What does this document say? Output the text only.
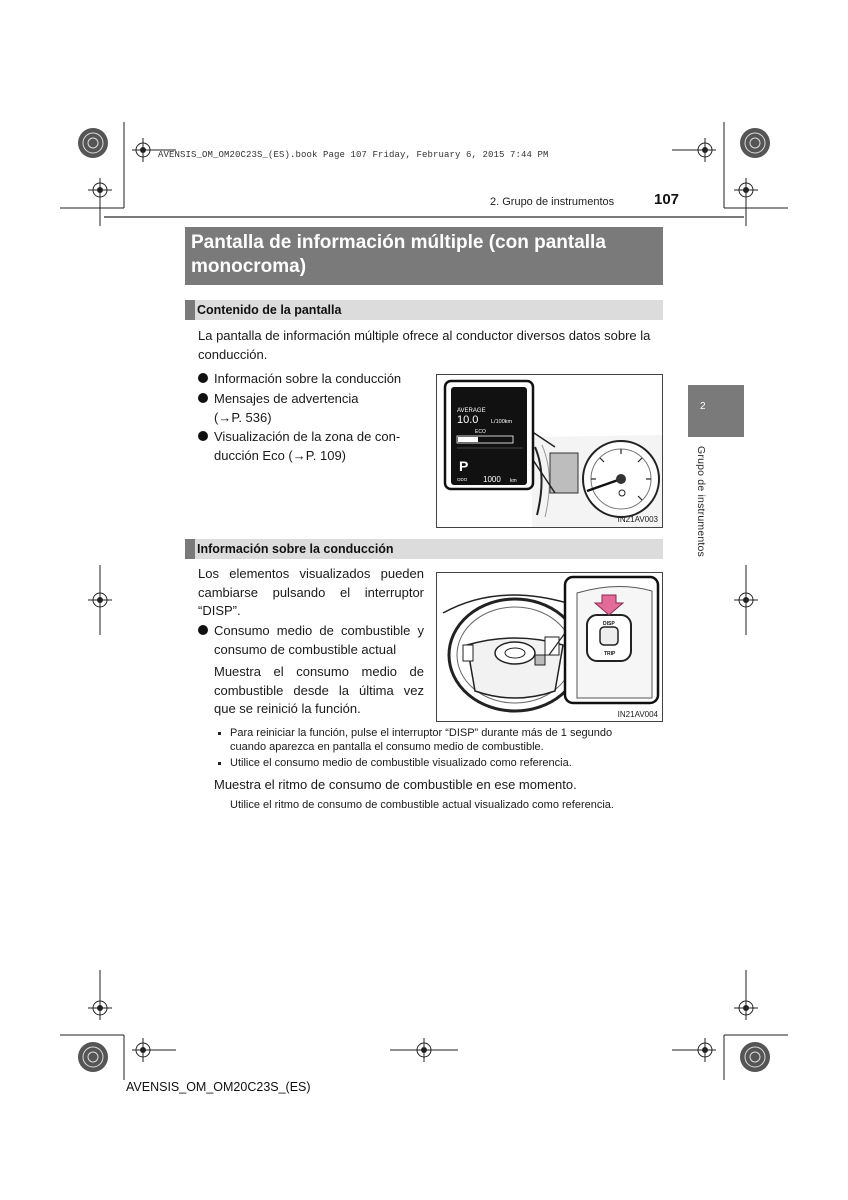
AVENSIS_OM_OM20C23S_(ES).book Page 107 Friday, February 6, 2015 7:44 PM
2. Grupo de instrumentos	107
Pantalla de información múltiple (con pantalla monocroma)
2
Grupo de instrumentos
Contenido de la pantalla
La pantalla de información múltiple ofrece al conductor diversos datos sobre la conducción.
Información sobre la conducción
Mensajes de advertencia
(→P. 536)
Visualización de la zona de con-
ducción Eco (→P. 109)
AVERAGE
10.0 L/100km
ECO
P
ODO 1000 km
IN21AV003
Información sobre la conducción
Los elementos visualizados pueden
cambiarse pulsando el interruptor
“DISP”.
Consumo medio de combustible y
consumo de combustible actual
Muestra el consumo medio de
combustible desde la última vez
que se reinició la función.
DISP
TRIP
IN21AV004
Para reiniciar la función, pulse el interruptor “DISP” durante más de 1 segundo
cuando aparezca en pantalla el consumo medio de combustible.
Utilice el consumo medio de combustible visualizado como referencia.
Muestra el ritmo de consumo de combustible en ese momento.
Utilice el ritmo de consumo de combustible actual visualizado como referencia.
AVENSIS_OM_OM20C23S_(ES)
